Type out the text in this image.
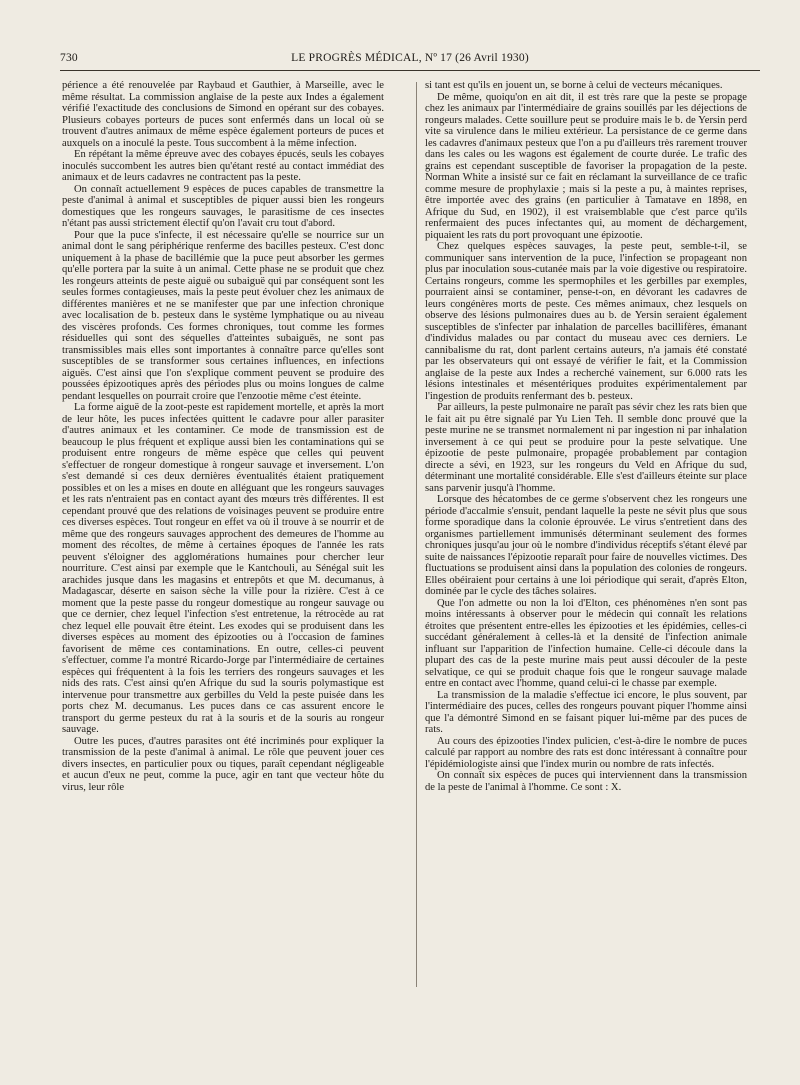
730	LE PROGRÈS MÉDICAL, Nº 17 (26 Avril 1930)

périence a été renouvelée par Raybaud et Gauthier, à Marseille, avec le même résultat. La commission anglaise de la peste aux Indes a également vérifié l'exactitude des conclusions de Simond en opérant sur des cobayes. Plusieurs cobayes porteurs de puces sont enfermés dans un local où se trouvent d'autres animaux de même espèce également porteurs de puces et auxquels on a inoculé la peste. Tous succombent à la même infection.

En répétant la même épreuve avec des cobayes épucés, seuls les cobayes inoculés succombent les autres bien qu'étant resté au contact immédiat des animaux et de leurs cadavres ne contractent pas la peste.

On connaît actuellement 9 espèces de puces capables de transmettre la peste d'animal à animal et susceptibles de piquer aussi bien les rongeurs domestiques que les rongeurs sauvages, le parasitisme de ces insectes n'étant pas aussi strictement électif qu'on l'avait cru tout d'abord.

Pour que la puce s'infecte, il est nécessaire qu'elle se nourrice sur un animal dont le sang périphérique renferme des bacilles pesteux. C'est donc uniquement à la phase de bacillémie que la puce peut absorber les germes qu'elle portera par la suite à un animal. Cette phase ne se produit que chez les rongeurs atteints de peste aiguë ou subaiguë qui par conséquent sont les seules formes contagieuses, mais la peste peut évoluer chez les animaux de différentes manières et ne se manifester que par une infection chronique avec localisation de b. pesteux dans le système lymphatique ou au niveau des viscères profonds. Ces formes chroniques, tout comme les formes résiduelles qui sont des séquelles d'atteintes subaiguës, ne sont pas transmissibles mais elles sont importantes à connaître parce qu'elles sont susceptibles de se transformer sous certaines influences, en infections aiguës. C'est ainsi que l'on s'explique comment peuvent se produire des poussées épizootiques après des périodes plus ou moins longues de calme pendant lesquelles on pourrait croire que l'enzootie même c'est éteinte.

La forme aiguë de la zoot-peste est rapidement mortelle, et après la mort de leur hôte, les puces infectées quittent le cadavre pour aller parasiter d'autres animaux et les contaminer. Ce mode de transmission est de beaucoup le plus fréquent et explique aussi bien les contaminations qui se produisent entre rongeurs de même espèce que celles qui peuvent s'effectuer de rongeur domestique à rongeur sauvage et inversement. L'on s'est demandé si ces deux dernières éventualités étaient pratiquement possibles et on les a mises en doute en alléguant que les rongeurs sauvages et les rats n'entraient pas en contact ayant des mœurs très différentes. Il est cependant prouvé que des relations de voisinages peuvent se produire entre ces diverses espèces. Tout rongeur en effet va où il trouve à se nourrir et de même que des rongeurs sauvages approchent des demeures de l'homme au moment des récoltes, de même à certaines époques de l'année les rats peuvent s'éloigner des agglomérations humaines pour chercher leur nourriture. C'est ainsi par exemple que le Kantchouli, au Sénégal suit les arachides jusque dans les magasins et entrepôts et que M. decumanus, à Madagascar, déserte en saison sèche la ville pour la rizière. C'est à ce moment que la peste passe du rongeur domestique au rongeur sauvage ou que ce dernier, chez lequel l'infection s'est entretenue, la rétrocède au rat chez lequel elle pouvait être éteint. Les exodes qui se produisent dans les diverses espèces au moment des épizooties ou à l'occasion de famines favorisent de même ces contaminations. En outre, celles-ci peuvent s'effectuer, comme l'a montré Ricardo-Jorge par l'intermédiaire de certaines espèces qui fréquentent à la fois les terriers des rongeurs sauvages et les nids des rats. C'est ainsi qu'en Afrique du sud la souris polymastique est intervenue pour transmettre aux gerbilles du Veld la peste puisée dans les ports chez M. decumanus. Les puces dans ce cas assurent encore le transport du germe pesteux du rat à la souris et de la souris au rongeur sauvage.

Outre les puces, d'autres parasites ont été incriminés pour expliquer la transmission de la peste d'animal à animal. Le rôle que peuvent jouer ces divers insectes, en particulier poux ou tiques, paraît cependant négligeable et aucun d'eux ne peut, comme la puce, agir en tant que vecteur hôte du virus, leur rôle

si tant est qu'ils en jouent un, se borne à celui de vecteurs mécaniques.

De même, quoiqu'on en ait dit, il est très rare que la peste se propage chez les animaux par l'intermédiaire de grains souillés par les déjections de rongeurs malades. Cette souillure peut se produire mais le b. de Yersin perd vite sa virulence dans le milieu extérieur. La persistance de ce germe dans les cadavres d'animaux pesteux que l'on a pu d'ailleurs très rarement trouver dans les cales ou les wagons est également de courte durée. Le trafic des grains est cependant susceptible de favoriser la propagation de la peste. Norman White a insisté sur ce fait en réclamant la surveillance de ce trafic comme mesure de prophylaxie ; mais si la peste a pu, à maintes reprises, être importée avec des grains (en particulier à Tamatave en 1898, en Afrique du Sud, en 1902), il est vraisemblable que c'est parce qu'ils renfermaient des puces infectantes qui, au moment de déchargement, piquaient les rats du port provoquant une épizootie.

Chez quelques espèces sauvages, la peste peut, semble-t-il, se communiquer sans intervention de la puce, l'infection se propageant non plus par inoculation sous-cutanée mais par la voie digestive ou respiratoire. Certains rongeurs, comme les spermophiles et les gerbilles par exemples, pourraient ainsi se contaminer, pense-t-on, en dévorant les cadavres de leurs congénères morts de peste. Ces mêmes animaux, chez lesquels on observe des lésions pulmonaires dues au b. de Yersin seraient également susceptibles de s'infecter par inhalation de parcelles bacillifères, émanant d'individus malades ou par contact du museau avec ces derniers. Le cannibalisme du rat, dont parlent certains auteurs, n'a jamais été constaté par les observateurs qui ont essayé de vérifier le fait, et la Commission anglaise de la peste aux Indes a recherché vainement, sur 6.000 rats les lésions intestinales et mésentériques produites expérimentalement par l'ingestion de produits renfermant des b. pesteux.

Par ailleurs, la peste pulmonaire ne paraît pas sévir chez les rats bien que le fait ait pu être signalé par Yu Lien Teh. Il semble donc prouvé que la peste murine ne se transmet normalement ni par ingestion ni par inhalation inversement à ce qui peut se produire pour la peste selvatique. Une épizootie de peste pulmonaire, propagée probablement par contagion directe a sévi, en 1923, sur les rongeurs du Veld en Afrique du sud, déterminant une mortalité considérable. Elle s'est d'ailleurs éteinte sur place sans parvenir jusqu'à l'homme.

Lorsque des hécatombes de ce germe s'observent chez les rongeurs une période d'accalmie s'ensuit, pendant laquelle la peste ne sévit plus que sous forme sporadique dans la colonie éprouvée. Le virus s'entretient dans des organismes partiellement immunisés déterminant seulement des formes chroniques jusqu'au jour où le nombre d'individus réceptifs s'étant élevé par suite de naissances l'épizootie reparaît pour faire de nouvelles victimes. Des fluctuations se produisent ainsi dans la population des colonies de rongeurs. Elles obéiraient pour certains à une loi périodique qui serait, d'après Elton, dominée par le cycle des tâches solaires.

Que l'on admette ou non la loi d'Elton, ces phénomènes n'en sont pas moins intéressants à observer pour le médecin qui connaît les relations étroites que présentent entre-elles les épizooties et les épidémies, celles-ci succédant généralement à celles-là et la densité de l'infection animale influant sur l'apparition de l'infection humaine. Celle-ci découle dans la plupart des cas de la peste murine mais peut aussi découler de la peste selvatique, ce qui se produit chaque fois que le rongeur sauvage malade entre en contact avec l'homme, quand celui-ci le chasse par exemple.

La transmission de la maladie s'effectue ici encore, le plus souvent, par l'intermédiaire des puces, celles des rongeurs pouvant piquer l'homme ainsi que l'a démontré Simond en se faisant piquer lui-même par des puces de rats.

Au cours des épizooties l'index pulicien, c'est-à-dire le nombre de puces calculé par rapport au nombre des rats est donc intéressant à connaître pour l'épidémiologiste ainsi que l'index murin ou nombre de rats infectés.

On connaît six espèces de puces qui interviennent dans la transmission de la peste de l'animal à l'homme. Ce sont : X.
